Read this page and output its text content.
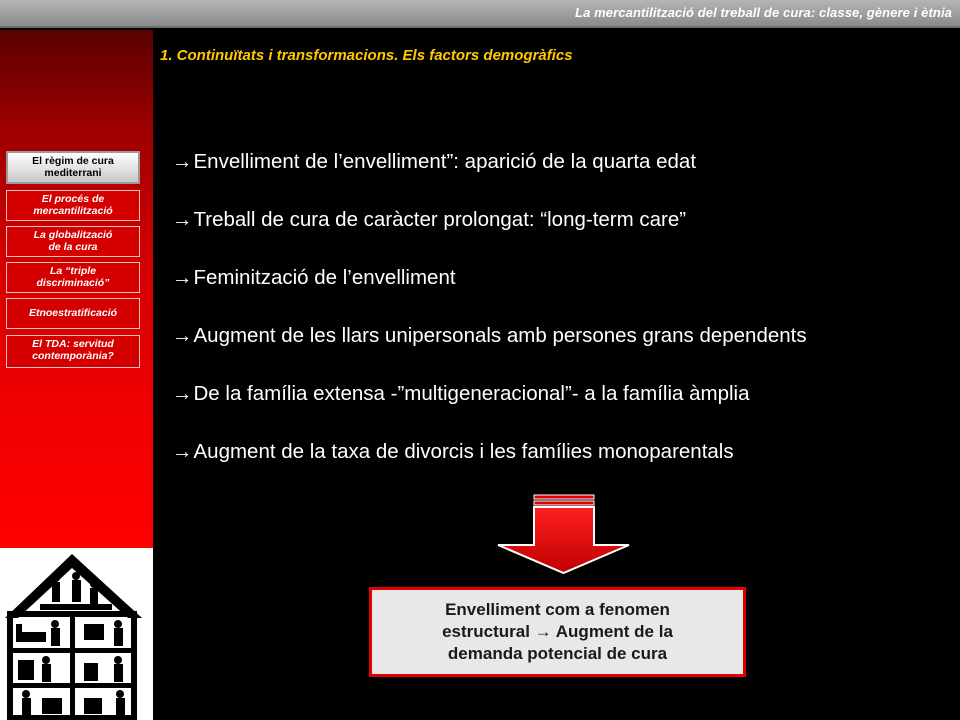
La mercantilització del treball de cura: classe, gènere i ètnia
El règim de cura
mediterrani
El procés de
mercantilització
La globalització
de la cura
La “triple
discriminació”
Etnoestratificació
El TDA: servitud
contemporània?
1. Continuïtats i transformacions. Els factors demogràfics
→Envelliment de l’envelliment”: aparició de la quarta edat
→Treball de cura de caràcter prolongat: “long-term care”
→Feminització de l’envelliment
→Augment de les llars unipersonals amb persones grans dependents
→De la família extensa -”multigeneracional”- a la família àmplia
→Augment de la taxa de divorcis i les famílies monoparentals
Envelliment com a fenomen
estructural → Augment de la
demanda potencial de cura
